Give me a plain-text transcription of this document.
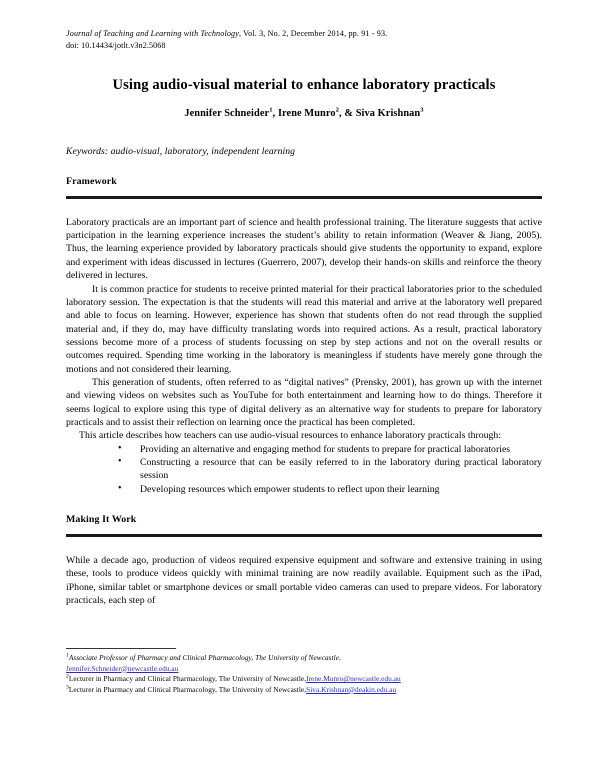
Journal of Teaching and Learning with Technology, Vol. 3, No. 2, December 2014, pp. 91 - 93.
doi: 10.14434/jotlt.v3n2.5068
Using audio-visual material to enhance laboratory practicals
Jennifer Schneider$^1$, Irene Munro$^2$, & Siva Krishnan$^3$
Keywords: audio-visual, laboratory, independent learning
Framework

Laboratory practicals are an important part of science and health professional training. The literature suggests that active participation in the learning experience increases the student’s ability to retain information (Weaver & Jiang, 2005). Thus, the learning experience provided by laboratory practicals should give students the opportunity to expand, explore and experiment with ideas discussed in lectures (Guerrero, 2007), develop their hands-on skills and reinforce the theory delivered in lectures.

It is common practice for students to receive printed material for their practical laboratories prior to the scheduled laboratory session. The expectation is that the students will read this material and arrive at the laboratory well prepared and able to focus on learning. However, experience has shown that students often do not read through the supplied material and, if they do, may have difficulty translating words into required actions. As a result, practical laboratory sessions become more of a process of students focussing on step by step actions and not on the overall results or outcomes required. Spending time working in the laboratory is meaningless if students have merely gone through the motions and not considered their learning.

This generation of students, often referred to as “digital natives” (Prensky, 2001), has grown up with the internet and viewing videos on websites such as YouTube for both entertainment and learning how to do things. Therefore it seems logical to explore using this type of digital delivery as an alternative way for students to prepare for laboratory practicals and to assist their reflection on learning once the practical has been completed.

This article describes how teachers can use audio-visual resources to enhance laboratory practicals through:

• Providing an alternative and engaging method for students to prepare for practical laboratories
• Constructing a resource that can be easily referred to in the laboratory during practical laboratory session
• Developing resources which empower students to reflect upon their learning
Making It Work

While a decade ago, production of videos required expensive equipment and software and extensive training in using these, tools to produce videos quickly with minimal training are now readily available. Equipment such as the iPad, iPhone, similar tablet or smartphone devices or small portable video cameras can used to prepare videos. For laboratory practicals, each step of

$^1$Associate Professor of Pharmacy and Clinical Pharmacology, The University of Newcastle,
Jennifer.Schneider@newcastle.edu.au
$^2$Lecturer in Pharmacy and Clinical Pharmacology, The University of Newcastle,Irene.Munro@newcastle.edu.au
$^3$Lecturer in Pharmacy and Clinical Pharmacology, The University of Newcastle,Siva.Krishnan@deakin.edu.au
